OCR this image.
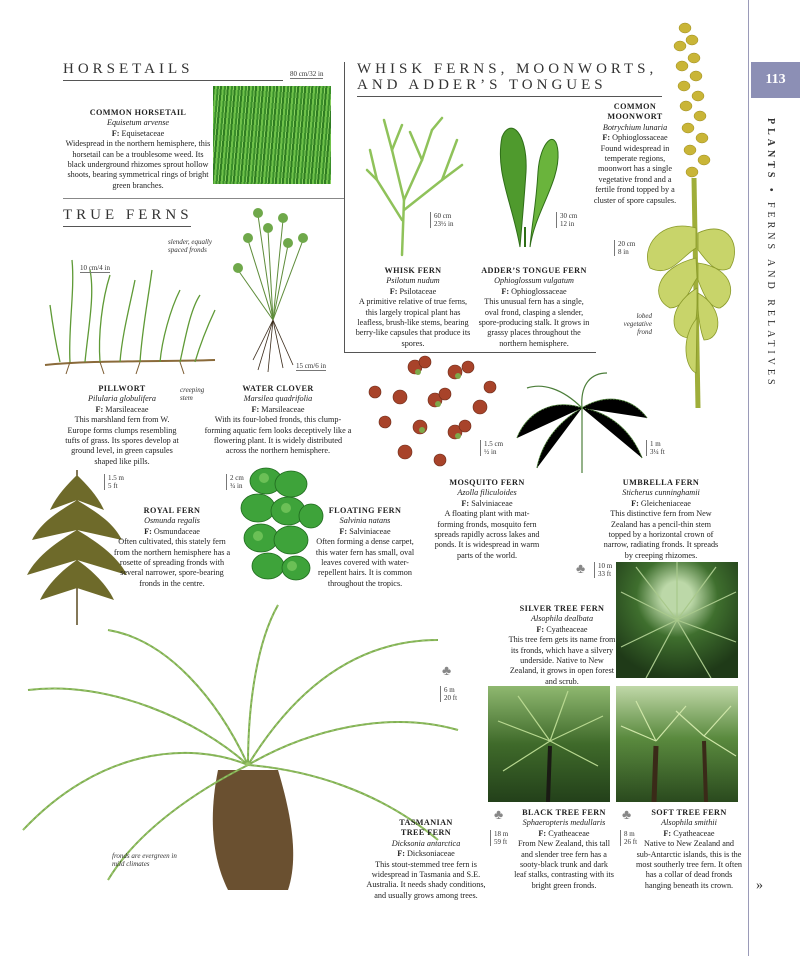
113
PLANTS • FERNS AND RELATIVES
»
HORSETAILS	WHISK FERNS, MOONWORTS,
AND ADDER’S TONGUES
TRUE FERNS
COMMON HORSETAIL
Equisetum arvense
F: Equisetaceae
Widespread in the northern hemisphere, this horsetail can be a troublesome weed. Its black underground rhizomes sprout hollow shoots, bearing symmetrical rings of bright green branches.
80 cm/32 in
60 cm
23½ in
30 cm
12 in
WHISK FERN
Psilotum nudum
F: Psilotaceae
A primitive relative of true ferns, this largely tropical plant has leafless, brush-like stems, bearing berry-like capsules that produce its spores.
ADDER’S TONGUE FERN
Ophioglossum vulgatum
F: Ophioglossaceae
This unusual fern has a single, oval frond, clasping a slender, spore-producing stalk. It grows in grassy places throughout the northern hemisphere.
COMMON
MOONWORT
Botrychium lunaria
F: Ophioglossaceae
Found widespread in temperate regions, moonwort has a single vegetative frond and a fertile frond topped by a cluster of spore capsules.
20 cm
8 in
lobed vegetative frond
10 cm/4 in
slender, equally spaced fronds
creeping stem
15 cm/6 in
PILLWORT
Pilularia globulifera
F: Marsileaceae
This marshland fern from W. Europe forms clumps resembling tufts of grass. Its spores develop at ground level, in green capsules shaped like pills.
WATER CLOVER
Marsilea quadrifolia
F: Marsileaceae
With its four-lobed fronds, this clump-forming aquatic fern looks deceptively like a flowering plant. It is widely distributed across the northern hemisphere.
1.5 cm
½ in
1 m
3¼ ft
MOSQUITO FERN
Azolla filiculoides
F: Salviniaceae
A floating plant with mat-forming fronds, mosquito fern spreads rapidly across lakes and ponds. It is widespread in warm parts of the world.
UMBRELLA FERN
Sticherus cunninghamii
F: Gleicheniaceae
This distinctive fern from New Zealand has a pencil-thin stem topped by a horizontal crown of narrow, radiating fronds. It spreads by creeping rhizomes.
1.5 m
5 ft
ROYAL FERN
Osmunda regalis
F: Osmundaceae
Often cultivated, this stately fern from the northern hemisphere has a rosette of spreading fronds with several narrower, spore-bearing fronds in the centre.
2 cm
¾ in
FLOATING FERN
Salvinia natans
F: Salviniaceae
Often forming a dense carpet, this water fern has small, oval leaves covered with water-repellent hairs. It is common throughout the tropics.
♣ 10 m
33 ft
SILVER TREE FERN
Alsophila dealbata
F: Cyatheaceae
This tree fern gets its name from its fronds, which have a silvery underside. Native to New Zealand, it grows in open forest and scrub.
♣
6 m
20 ft
fronds are evergreen in mild climates
TASMANIAN
TREE FERN
Dicksonia antarctica
F: Dicksoniaceae
This stout-stemmed tree fern is widespread in Tasmania and S.E. Australia. It needs shady conditions, and usually grows among trees.
♣
18 m
59 ft
BLACK TREE FERN
Sphaeropteris medullaris
F: Cyatheaceae
From New Zealand, this tall and slender tree fern has a sooty-black trunk and dark leaf stalks, contrasting with its bright green fronds.
♣
8 m
26 ft
SOFT TREE FERN
Alsophila smithii
F: Cyatheaceae
Native to New Zealand and sub-Antarctic islands, this is the most southerly tree fern. It often has a collar of dead fronds hanging beneath its crown.
